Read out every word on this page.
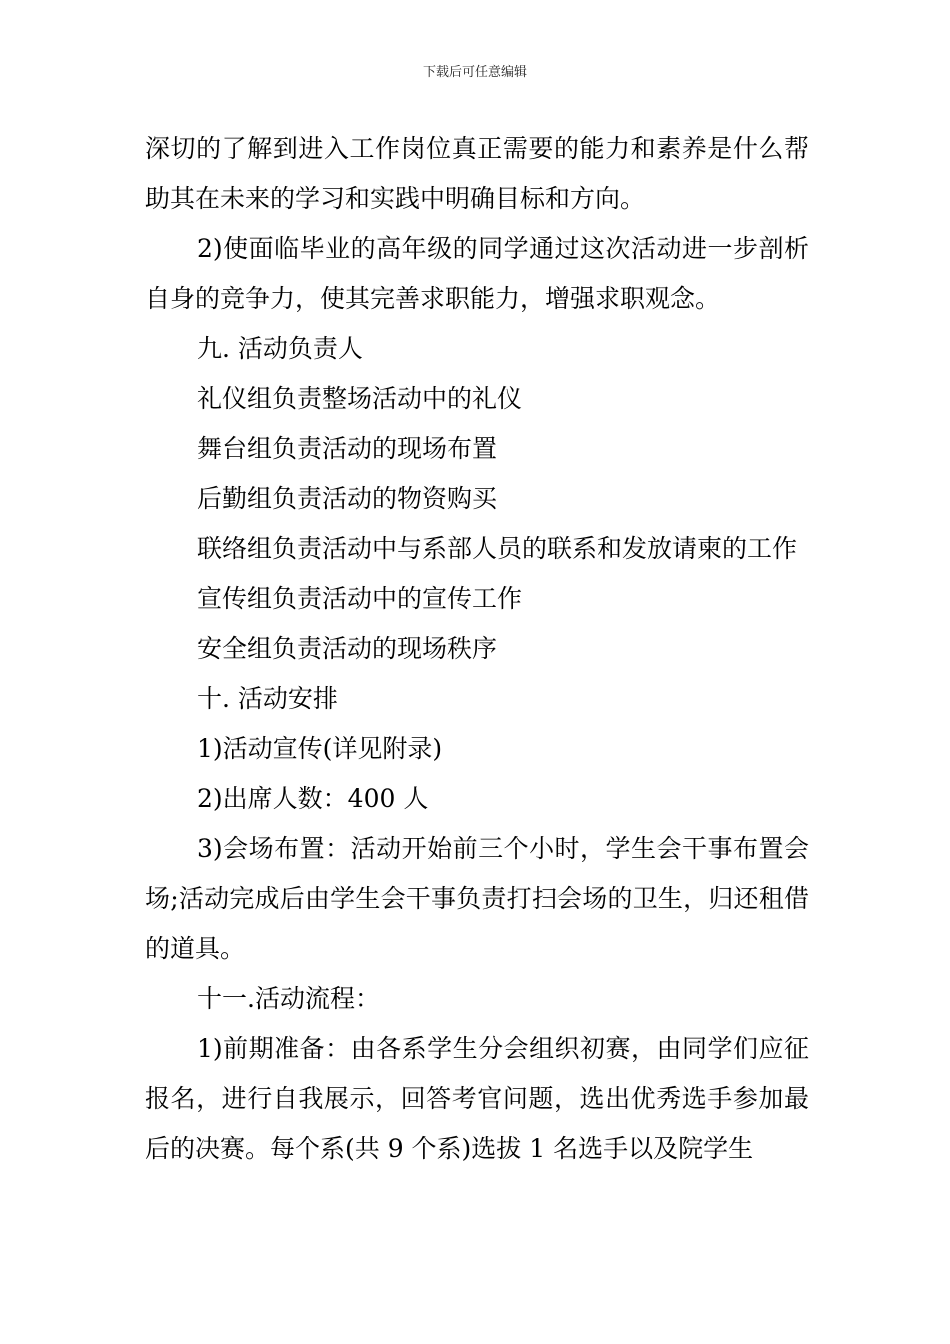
下载后可任意编辑

深切的了解到进入工作岗位真正需要的能力和素养是什么帮助其在未来的学习和实践中明确目标和方向。

2)使面临毕业的高年级的同学通过这次活动进一步剖析自身的竞争力，使其完善求职能力，增强求职观念。

九. 活动负责人

礼仪组负责整场活动中的礼仪

舞台组负责活动的现场布置

后勤组负责活动的物资购买

联络组负责活动中与系部人员的联系和发放请柬的工作

宣传组负责活动中的宣传工作

安全组负责活动的现场秩序

十. 活动安排

1)活动宣传(详见附录)

2)出席人数：400 人

3)会场布置：活动开始前三个小时，学生会干事布置会场;活动完成后由学生会干事负责打扫会场的卫生，归还租借的道具。

十一.活动流程：

1)前期准备：由各系学生分会组织初赛，由同学们应征报名，进行自我展示，回答考官问题，选出优秀选手参加最后的决赛。每个系(共 9 个系)选拔 1 名选手以及院学生
